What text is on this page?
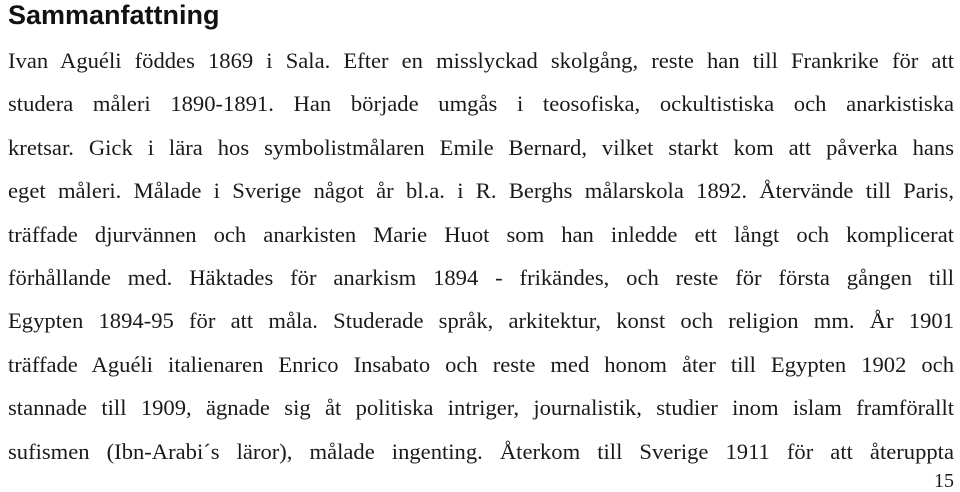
Sammanfattning
Ivan Aguéli föddes 1869 i Sala. Efter en misslyckad skolgång, reste han till Frankrike för att
studera måleri 1890-1891. Han började umgås i teosofiska, ockultistiska och anarkistiska
kretsar. Gick i lära hos symbolistmålaren Emile Bernard, vilket starkt kom att påverka hans
eget måleri. Målade i Sverige något år bl.a. i R. Berghs målarskola 1892. Återvände till Paris,
träffade djurvännen och anarkisten Marie Huot som han inledde ett långt och komplicerat
förhållande med. Häktades för anarkism 1894 - frikändes, och reste för första gången till
Egypten 1894-95 för att måla. Studerade språk, arkitektur, konst och religion mm. År 1901
träffade Aguéli italienaren Enrico Insabato och reste med honom åter till Egypten 1902 och
stannade till 1909, ägnade sig åt politiska intriger, journalistik, studier inom islam framförallt
sufismen (Ibn-Arabi´s läror), målade ingenting. Återkom till Sverige 1911 för att återuppta
15
